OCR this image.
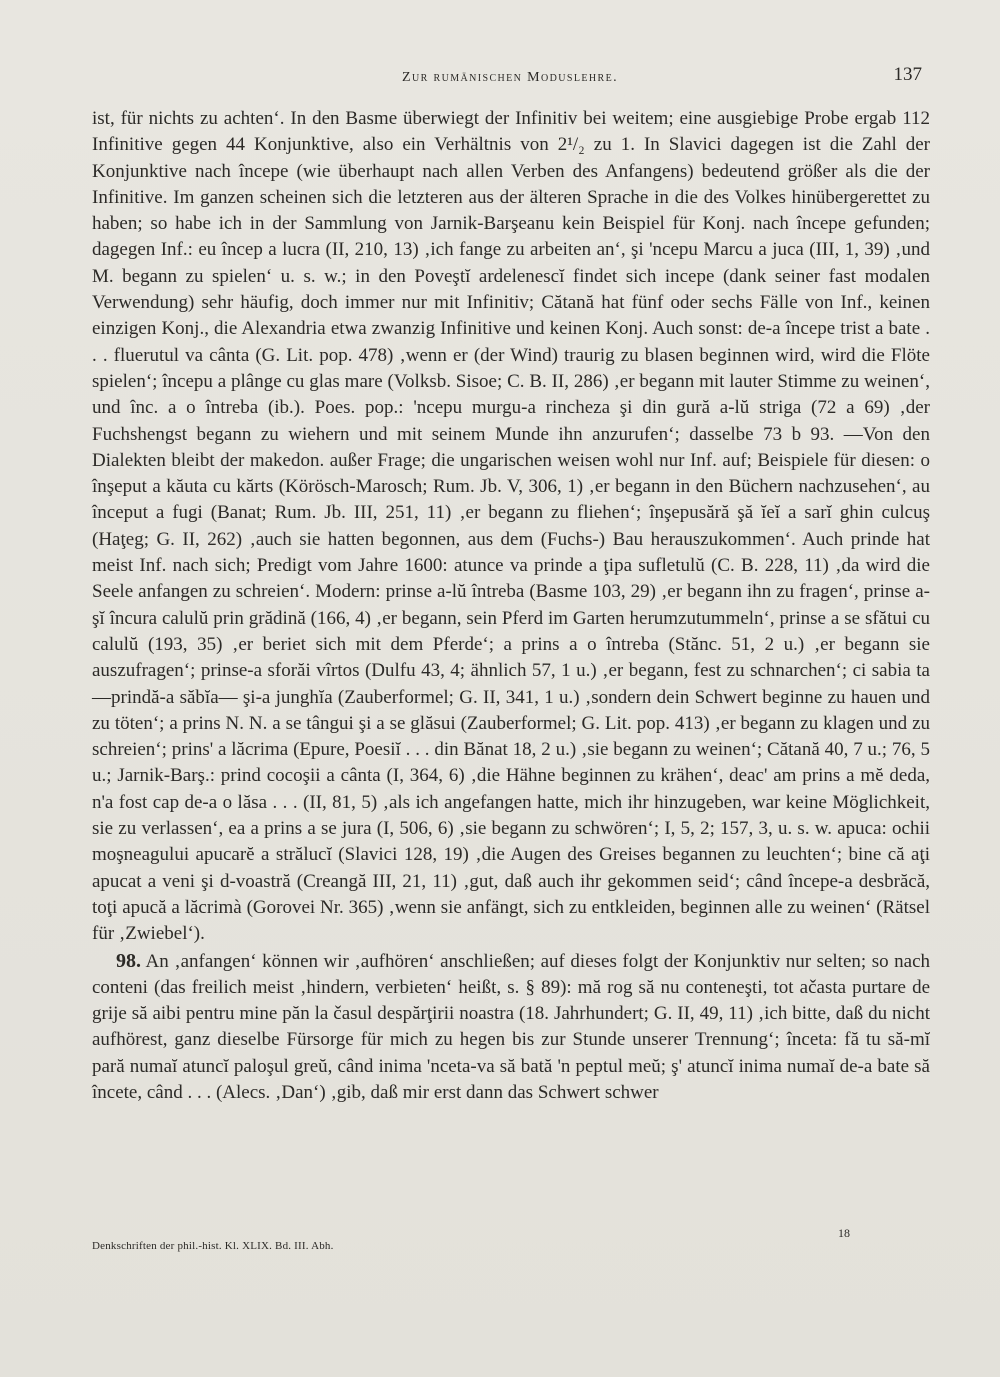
Zur rumänischen Moduslehre.	137

ist, für nichts zu achten‘. In den Basme überwiegt der Infinitiv bei weitem; eine ausgiebige Probe ergab 112 Infinitive gegen 44 Konjunktive, also ein Verhältnis von 2¹/₂ zu 1. In Slavici dagegen ist die Zahl der Konjunktive nach începe (wie überhaupt nach allen Verben des Anfangens) bedeutend größer als die der Infinitive. Im ganzen scheinen sich die letzteren aus der älteren Sprache in die des Volkes hinübergerettet zu haben; so habe ich in der Sammlung von Jarnik-Barşeanu kein Beispiel für Konj. nach începe gefunden; dagegen Inf.: eu încep a lucra (II, 210, 13) ‚ich fange zu arbeiten an‘, şi 'ncepu Marcu a juca (III, 1, 39) ‚und M. begann zu spielen‘ u. s. w.; in den Poveştĭ ardelenescĭ findet sich incepe (dank seiner fast modalen Verwendung) sehr häufig, doch immer nur mit Infinitiv; Cătană hat fünf oder sechs Fälle von Inf., keinen einzigen Konj., die Alexandria etwa zwanzig Infinitive und keinen Konj. Auch sonst: de-a începe trist a bate . . . fluerutul va cânta (G. Lit. pop. 478) ‚wenn er (der Wind) traurig zu blasen beginnen wird, wird die Flöte spielen‘; începu a plânge cu glas mare (Volksb. Sisoe; C. B. II, 286) ‚er begann mit lauter Stimme zu weinen‘, und înc. a o întreba (ib.). Poes. pop.: 'ncepu murgu-a rincheza şi din gură a-lŭ striga (72 a 69) ‚der Fuchshengst begann zu wiehern und mit seinem Munde ihn anzurufen‘; dasselbe 73 b 93. —Von den Dialekten bleibt der makedon. außer Frage; die ungarischen weisen wohl nur Inf. auf; Beispiele für diesen: o înşeput a kăuta cu kărts (Körösch-Marosch; Rum. Jb. V, 306, 1) ‚er begann in den Büchern nachzusehen‘, au început a fugi (Banat; Rum. Jb. III, 251, 11) ‚er begann zu fliehen‘; înşepusără şă ĭeĭ a sarĭ ghin culcuş (Haţeg; G. II, 262) ‚auch sie hatten begonnen, aus dem (Fuchs-) Bau herauszukommen‘. Auch prinde hat meist Inf. nach sich; Predigt vom Jahre 1600: atunce va prinde a ţipa sufletulŭ (C. B. 228, 11) ‚da wird die Seele anfangen zu schreien‘. Modern: prinse a-lŭ întreba (Basme 103, 29) ‚er begann ihn zu fragen‘, prinse a-şĭ încura calulŭ prin grădină (166, 4) ‚er begann, sein Pferd im Garten herumzutummeln‘, prinse a se sfătui cu calulŭ (193, 35) ‚er beriet sich mit dem Pferde‘; a prins a o întreba (Stănc. 51, 2 u.) ‚er begann sie auszufragen‘; prinse-a sforăi vîrtos (Dulfu 43, 4; ähnlich 57, 1 u.) ‚er begann, fest zu schnarchen‘; ci sabia ta —prindă-a săbĭa— şi-a junghĭa (Zauberformel; G. II, 341, 1 u.) ‚sondern dein Schwert beginne zu hauen und zu töten‘; a prins N. N. a se tângui şi a se glăsui (Zauberformel; G. Lit. pop. 413) ‚er begann zu klagen und zu schreien‘; prins' a lăcrima (Epure, Poesiĭ . . . din Bănat 18, 2 u.) ‚sie begann zu weinen‘; Cătană 40, 7 u.; 76, 5 u.; Jarnik-Barş.: prind cocoşii a cânta (I, 364, 6) ‚die Hähne beginnen zu krähen‘, deac' am prins a mĕ deda, n'a fost cap de-a o lăsa . . . (II, 81, 5) ‚als ich angefangen hatte, mich ihr hinzugeben, war keine Möglichkeit, sie zu verlassen‘, ea a prins a se jura (I, 506, 6) ‚sie begann zu schwören‘; I, 5, 2; 157, 3, u. s. w. apuca: ochii moşneagului apucarĕ a strălucĭ (Slavici 128, 19) ‚die Augen des Greises begannen zu leuchten‘; bine că aţi apucat a veni şi d-voastră (Creangă III, 21, 11) ‚gut, daß auch ihr gekommen seid‘; când începe-a desbrăcă, toţi apucă a lăcrimà (Gorovei Nr. 365) ‚wenn sie anfängt, sich zu entkleiden, beginnen alle zu weinen‘ (Rätsel für ‚Zwiebel‘).

98. An ‚anfangen‘ können wir ‚aufhören‘ anschließen; auf dieses folgt der Konjunktiv nur selten; so nach conteni (das freilich meist ‚hindern, verbieten‘ heißt, s. § 89): mă rog să nu conteneşti, tot ačasta purtare de grije să aibi pentru mine păn la časul despărţirii noastra (18. Jahrhundert; G. II, 49, 11) ‚ich bitte, daß du nicht aufhörest, ganz dieselbe Fürsorge für mich zu hegen bis zur Stunde unserer Trennung‘; înceta: fă tu să-mĭ pară numaĭ atuncĭ paloşul greŭ, când inima 'nceta-va să bată 'n peptul meŭ; ş' atuncĭ inima numaĭ de-a bate să încete, când . . . (Alecs. ‚Dan‘) ‚gib, daß mir erst dann das Schwert schwer

18
Denkschriften der phil.-hist. Kl. XLIX. Bd. III. Abh.
